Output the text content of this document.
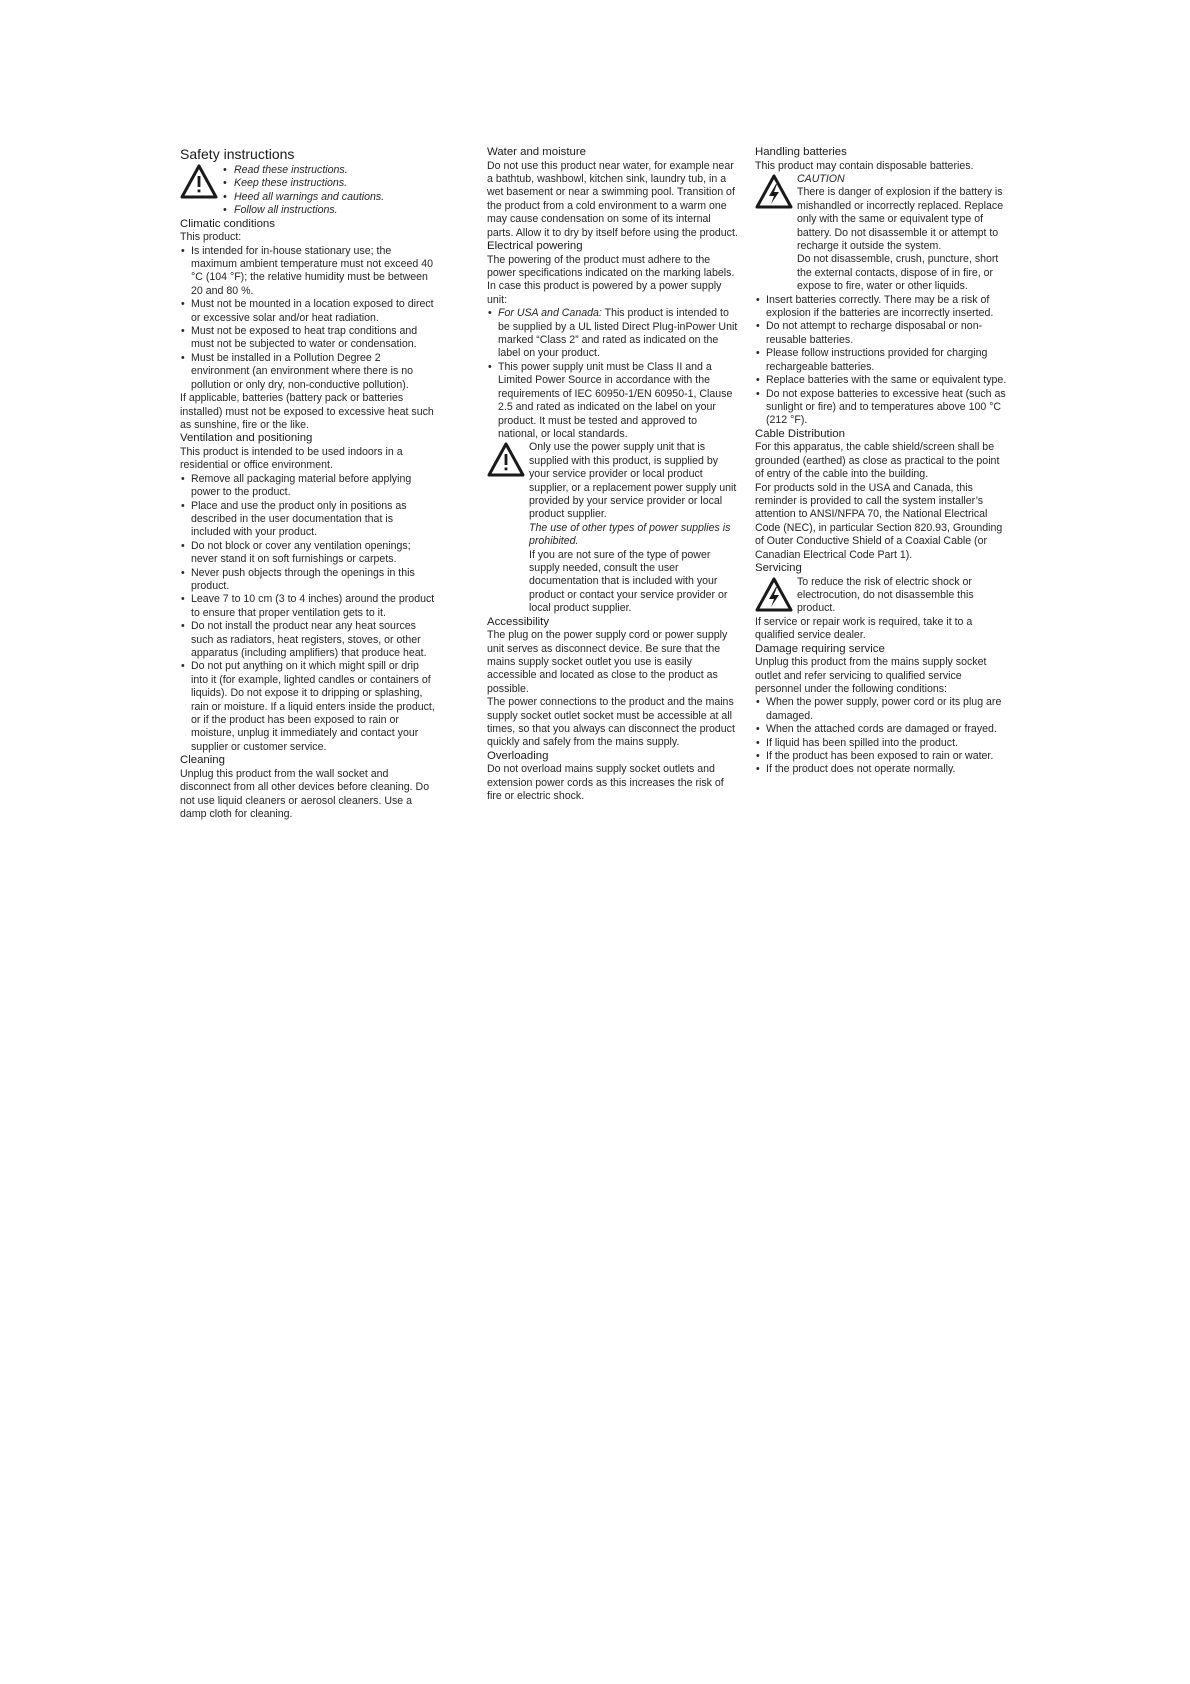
Safety instructions

• Read these instructions.
• Keep these instructions.
• Heed all warnings and cautions.
• Follow all instructions.

Climatic conditions

This product:

• Is intended for in-house stationary use; the maximum ambient temperature must not exceed 40 °C (104 °F); the relative humidity must be between 20 and 80 %.
• Must not be mounted in a location exposed to direct or excessive solar and/or heat radiation.
• Must not be exposed to heat trap conditions and must not be subjected to water or condensation.
• Must be installed in a Pollution Degree 2 environment (an environment where there is no pollution or only dry, non-conductive pollution).

If applicable, batteries (battery pack or batteries installed) must not be exposed to excessive heat such as sunshine, fire or the like.

Ventilation and positioning

This product is intended to be used indoors in a residential or office environment.

• Remove all packaging material before applying power to the product.
• Place and use the product only in positions as described in the user documentation that is included with your product.
• Do not block or cover any ventilation openings; never stand it on soft furnishings or carpets.
• Never push objects through the openings in this product.
• Leave 7 to 10 cm (3 to 4 inches) around the product to ensure that proper ventilation gets to it.
• Do not install the product near any heat sources such as radiators, heat registers, stoves, or other apparatus (including amplifiers) that produce heat.
• Do not put anything on it which might spill or drip into it (for example, lighted candles or containers of liquids). Do not expose it to dripping or splashing, rain or moisture. If a liquid enters inside the product, or if the product has been exposed to rain or moisture, unplug it immediately and contact your supplier or customer service.

Cleaning

Unplug this product from the wall socket and disconnect from all other devices before cleaning. Do not use liquid cleaners or aerosol cleaners. Use a damp cloth for cleaning.

Water and moisture

Do not use this product near water, for example near a bathtub, washbowl, kitchen sink, laundry tub, in a wet basement or near a swimming pool. Transition of the product from a cold environment to a warm one may cause condensation on some of its internal parts. Allow it to dry by itself before using the product.

Electrical powering

The powering of the product must adhere to the power specifications indicated on the marking labels.

In case this product is powered by a power supply unit:

• For USA and Canada: This product is intended to be supplied by a UL listed Direct Plug-inPower Unit marked “Class 2” and rated as indicated on the label on your product.
• This power supply unit must be Class II and a Limited Power Source in accordance with the requirements of IEC 60950-1/EN 60950-1, Clause 2.5 and rated as indicated on the label on your product. It must be tested and approved to national, or local standards.

Only use the power supply unit that is supplied with this product, is supplied by your service provider or local product supplier, or a replacement power supply unit provided by your service provider or local product supplier.

The use of other types of power supplies is prohibited.

If you are not sure of the type of power supply needed, consult the user documentation that is included with your product or contact your service provider or local product supplier.

Accessibility

The plug on the power supply cord or power supply unit serves as disconnect device. Be sure that the mains supply socket outlet you use is easily accessible and located as close to the product as possible.

The power connections to the product and the mains supply socket outlet socket must be accessible at all times, so that you always can disconnect the product quickly and safely from the mains supply.

Overloading

Do not overload mains supply socket outlets and extension power cords as this increases the risk of fire or electric shock.

Handling batteries

This product may contain disposable batteries.

CAUTION

There is danger of explosion if the battery is mishandled or incorrectly replaced. Replace only with the same or equivalent type of battery. Do not disassemble it or attempt to recharge it outside the system.

Do not disassemble, crush, puncture, short the external contacts, dispose of in fire, or expose to fire, water or other liquids.

• Insert batteries correctly. There may be a risk of explosion if the batteries are incorrectly inserted.
• Do not attempt to recharge disposabal or non-reusable batteries.
• Please follow instructions provided for charging rechargeable batteries.
• Replace batteries with the same or equivalent type.
• Do not expose batteries to excessive heat (such as sunlight or fire) and to temperatures above 100 °C (212 °F).

Cable Distribution

For this apparatus, the cable shield/screen shall be grounded (earthed) as close as practical to the point of entry of the cable into the building.

For products sold in the USA and Canada, this reminder is provided to call the system installer’s attention to ANSI/NFPA 70, the National Electrical Code (NEC), in particular Section 820.93, Grounding of Outer Conductive Shield of a Coaxial Cable (or Canadian Electrical Code Part 1).

Servicing

To reduce the risk of electric shock or electrocution, do not disassemble this product.

If service or repair work is required, take it to a qualified service dealer.

Damage requiring service

Unplug this product from the mains supply socket outlet and refer servicing to qualified service personnel under the following conditions:

• When the power supply, power cord or its plug are damaged.
• When the attached cords are damaged or frayed.
• If liquid has been spilled into the product.
• If the product has been exposed to rain or water.
• If the product does not operate normally.
